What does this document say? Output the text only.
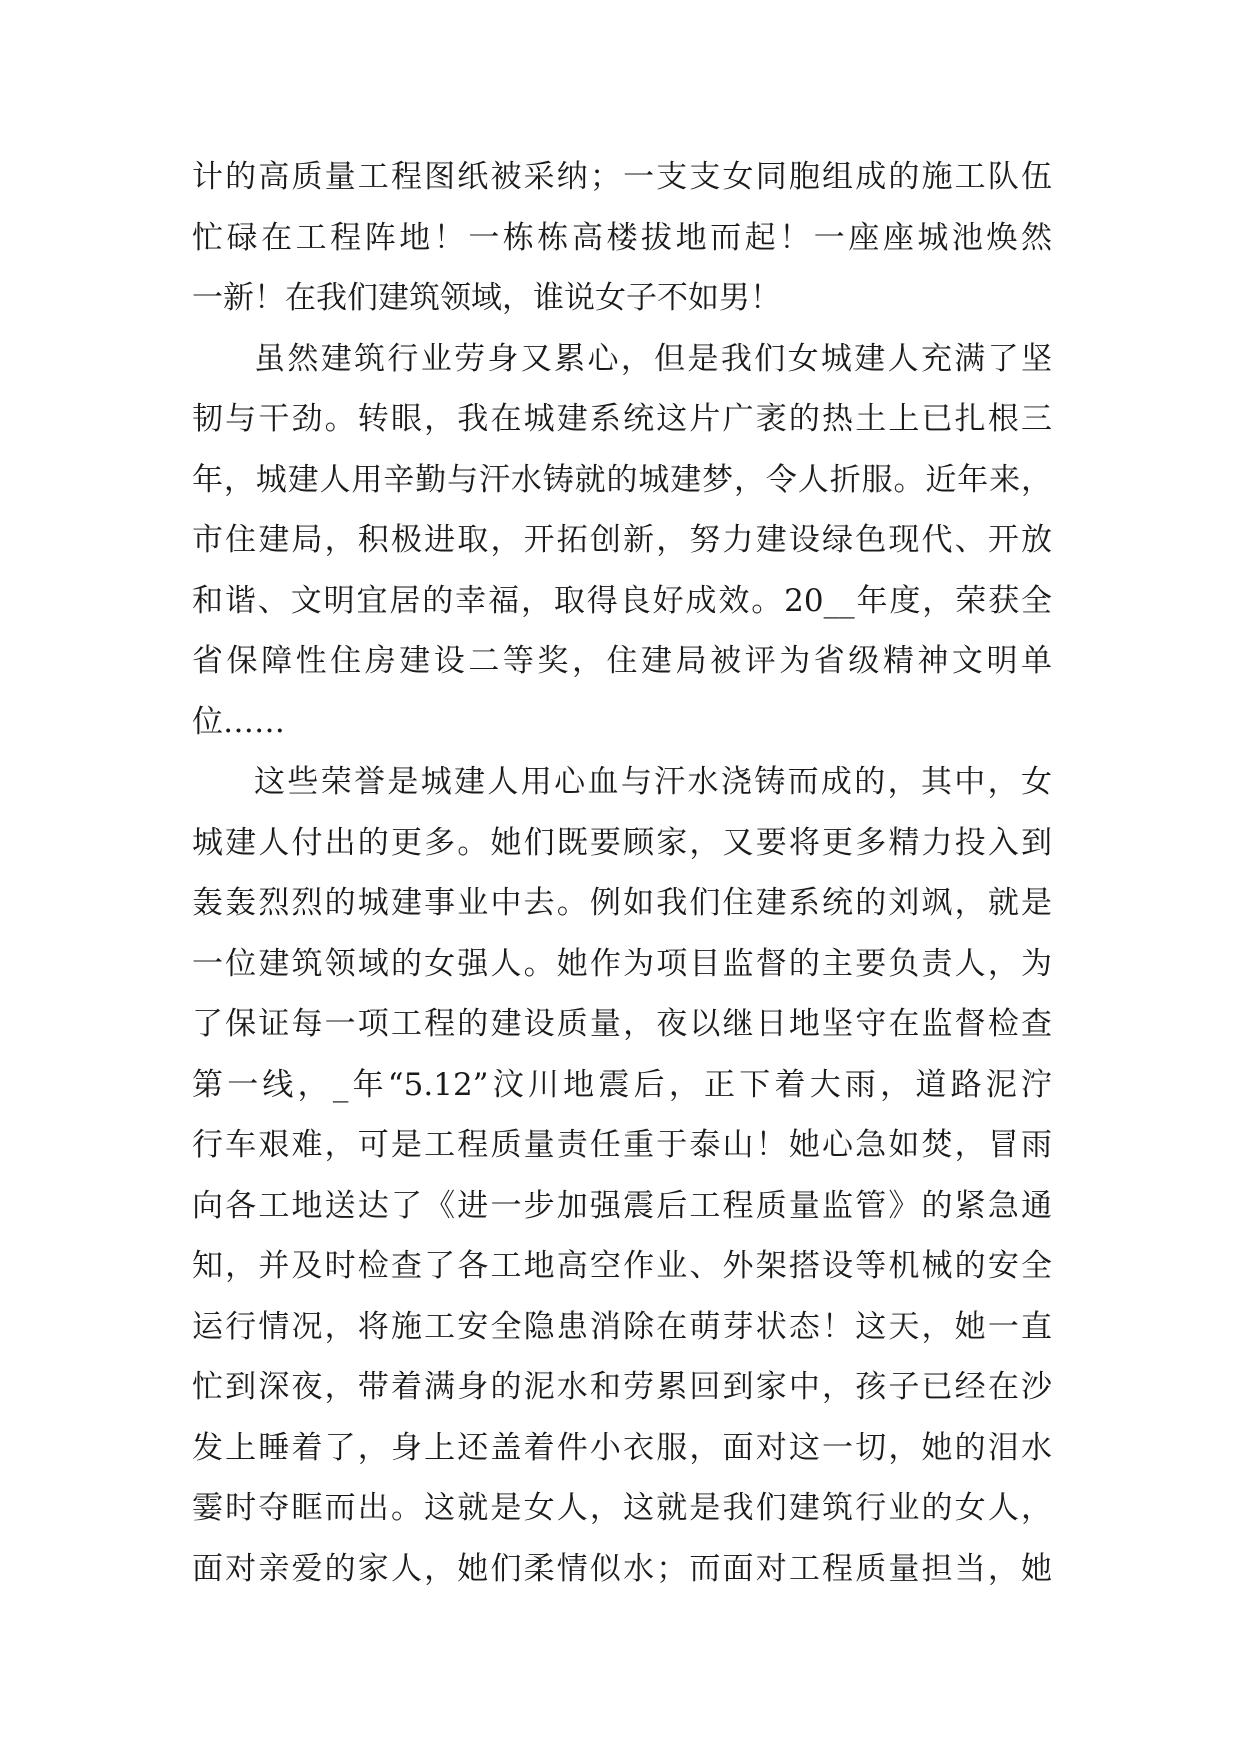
计的高质量工程图纸被采纳；一支支女同胞组成的施工队伍
忙碌在工程阵地！一栋栋高楼拔地而起！一座座城池焕然
一新！在我们建筑领域，谁说女子不如男！
虽然建筑行业劳身又累心，但是我们女城建人充满了坚
韧与干劲。转眼，我在城建系统这片广袤的热土上已扎根三
年，城建人用辛勤与汗水铸就的城建梦，令人折服。近年来，
市住建局，积极进取，开拓创新，努力建设绿色现代、开放
和谐、文明宜居的幸福，取得良好成效。20__年度，荣获全
省保障性住房建设二等奖，住建局被评为省级精神文明单
位……
这些荣誉是城建人用心血与汗水浇铸而成的，其中，女
城建人付出的更多。她们既要顾家，又要将更多精力投入到
轰轰烈烈的城建事业中去。例如我们住建系统的刘飒，就是
一位建筑领域的女强人。她作为项目监督的主要负责人，为
了保证每一项工程的建设质量，夜以继日地坚守在监督检查
第一线，_年“5.12”汶川地震后，正下着大雨，道路泥泞
行车艰难，可是工程质量责任重于泰山！她心急如焚，冒雨
向各工地送达了《进一步加强震后工程质量监管》的紧急通
知，并及时检查了各工地高空作业、外架搭设等机械的安全
运行情况，将施工安全隐患消除在萌芽状态！这天，她一直
忙到深夜，带着满身的泥水和劳累回到家中，孩子已经在沙
发上睡着了，身上还盖着件小衣服，面对这一切，她的泪水
霎时夺眶而出。这就是女人，这就是我们建筑行业的女人，
面对亲爱的家人，她们柔情似水；而面对工程质量担当，她
